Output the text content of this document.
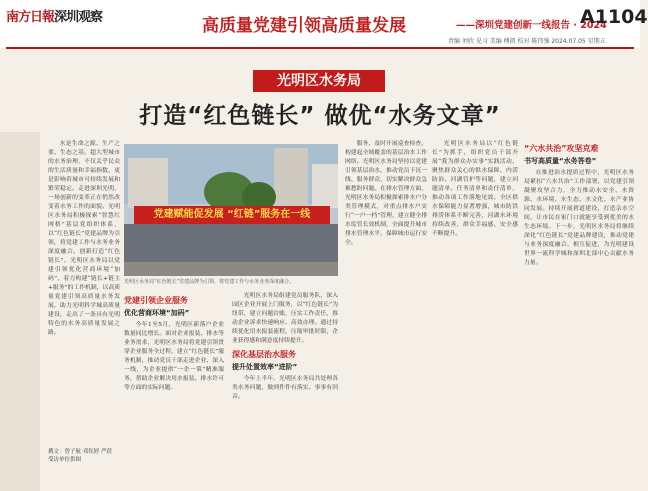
南方日報深圳观察	高质量党建引领高质量发展	——深圳党建创新一线报告 · 2024
A1104
责编 刘欣 见习 美编 傅凯 校对 陈伟强 2024.07.05 星期五
光明区水务局
打造“红色链长” 做优“水务文章”

水是生命之源、生产之要、生态之基。超大型城市的水务治理，不仅关乎民众的生活质量和幸福指数，更是影响着城市可持续发展和繁荣稳定。走进深圳光明，一场创新的变革正在悄然改变着水务工作的面貌。光明区水务局积极探索“智慧红网格”基层党组织体系，以“红色链长”党建品牌为引领，将党建工作与水务业务深度融合。创新打造“红色链长”，光明区水务局以党建引领优化营商环境“加码”，着力构建“链长+链主+服务”的工作机制，以高质量党建引领高质量水务发展，助力光明科学城高质量建设，走出了一条具有光明特色的水务高质量发展之路。

撰文：曾子航 邓钰婷 严蓓
受访单位供图
党建赋能促发展 “红链”服务在一线
光明区水务局“红色链长”党建品牌为引领，将党建工作与水务业务深度融合。
党建引领企业服务
优化营商环境“加码”

今年1至5月，光明区新落户企业数量同比增长。面对企业报装、排水等业务需求，光明区水务局将党建引领贯穿企业服务全过程，建立“红色链长”服务机制，推动党员干部走进企业、深入一线，为企业提供“一企一策”精准服务，帮助企业解决用水报装、排水许可等方面的实际问题。

光明区水务局组建党员服务队，深入园区企业开展上门服务，以“红色链长”为纽带，建立问题台账，压实工作责任，推动企业诉求快速响应、高效办理。通过持续优化用水报装流程，压缩审批时限，企业获得感和满意度持续提升。

深化基层治水服务
提升处置效率“进阶”

今年上半年，光明区水务局共处理各类水务问题，做到件件有落实、事事有回音。

服务，及时开展巡查检查，构建起全域覆盖的基层治水工作网络。光明区水务局坚持以党建引领基层治水，推动党员下沉一线、服务群众，切实解决群众急难愁盼问题。在排水管理方面，光明区水务局积极探索排水户分类管理模式，对重点排水户实行“一户一档”管理，建立健全排水监管长效机制，全面提升城市排水管理水平，保障城市运行安全。

光明区水务局以“红色链长”为抓手，组织党员干部开展“我为群众办实事”实践活动，聚焦群众关心的供水保障、内涝防治、河湖管护等问题，建立问题清单、任务清单和责任清单，推动各项工作落地见效。全区供水保障能力显著增强，城市防洪排涝体系不断完善，河湖水环境持续改善，群众幸福感、安全感不断提升。

“六水共治”攻坚克难
书写高质量“水务答卷”

在推进治水提质过程中，光明区水务局紧扣“六水共治”工作部署，以党建引领凝聚攻坚合力，全力推动水安全、水资源、水环境、水生态、水文化、水产业协同发展。持续开展碧道建设，打造亲水空间，让市民在家门口就能享受到优美的水生态环境。下一步，光明区水务局将继续深化“红色链长”党建品牌建设，推动党建与业务深度融合、相互促进，为光明建设世界一流科学城和深圳北部中心贡献水务力量。
